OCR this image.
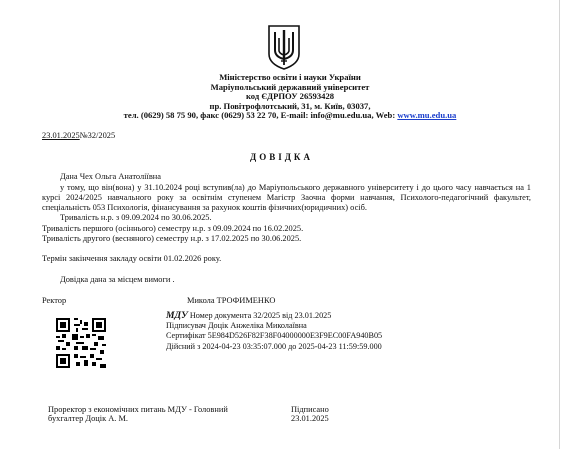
Міністерство освіти і науки України
Маріупольський державний університет
код ЄДРПОУ 26593428
пр. Повітрофлотський, 31, м. Київ, 03037,
тел. (0629) 58 75 90, факс (0629) 53 22 70, E-mail: info@mu.edu.ua, Web: www.mu.edu.ua
23.01.2025№32/2025
ДОВІДКА
Дана Чех Ольга Анатоліївна
у тому, що він(вона) у 31.10.2024 році вступив(ла) до Маріупольського державного університету і до цього часу навчається на 1 курсі 2024/2025 навчального року за освітнім ступенем Магістр Заочна форми навчання, Психолого-педагогічний факультет, спеціальність 053 Психологія, фінансування за рахунок коштів фізичних(юридичних) осіб.
Тривалість н.р. з 09.09.2024 по 30.06.2025.
Тривалість першого (осіннього) семестру н.р. з 09.09.2024 по 16.02.2025.
Тривалість другого (весняного) семестру н.р. з 17.02.2025 по 30.06.2025.
Термін закінчення закладу освіти 01.02.2026 року.
Довідка дана за місцем вимоги .
Ректор	Микола ТРОФИМЕНКО
МДУ Номер документа 32/2025 від 23.01.2025
Підписувач Доцік Анжеліка Миколаївна
Сертифікат 5E984D526F82F38F04000000E3F9EC00FA940B05
Дійсний з 2024-04-23 03:35:07.000 до 2025-04-23 11:59:59.000
Проректор з економічних питань МДУ - Головний
бухгалтер Доцік А. М.
Підписано
23.01.2025
